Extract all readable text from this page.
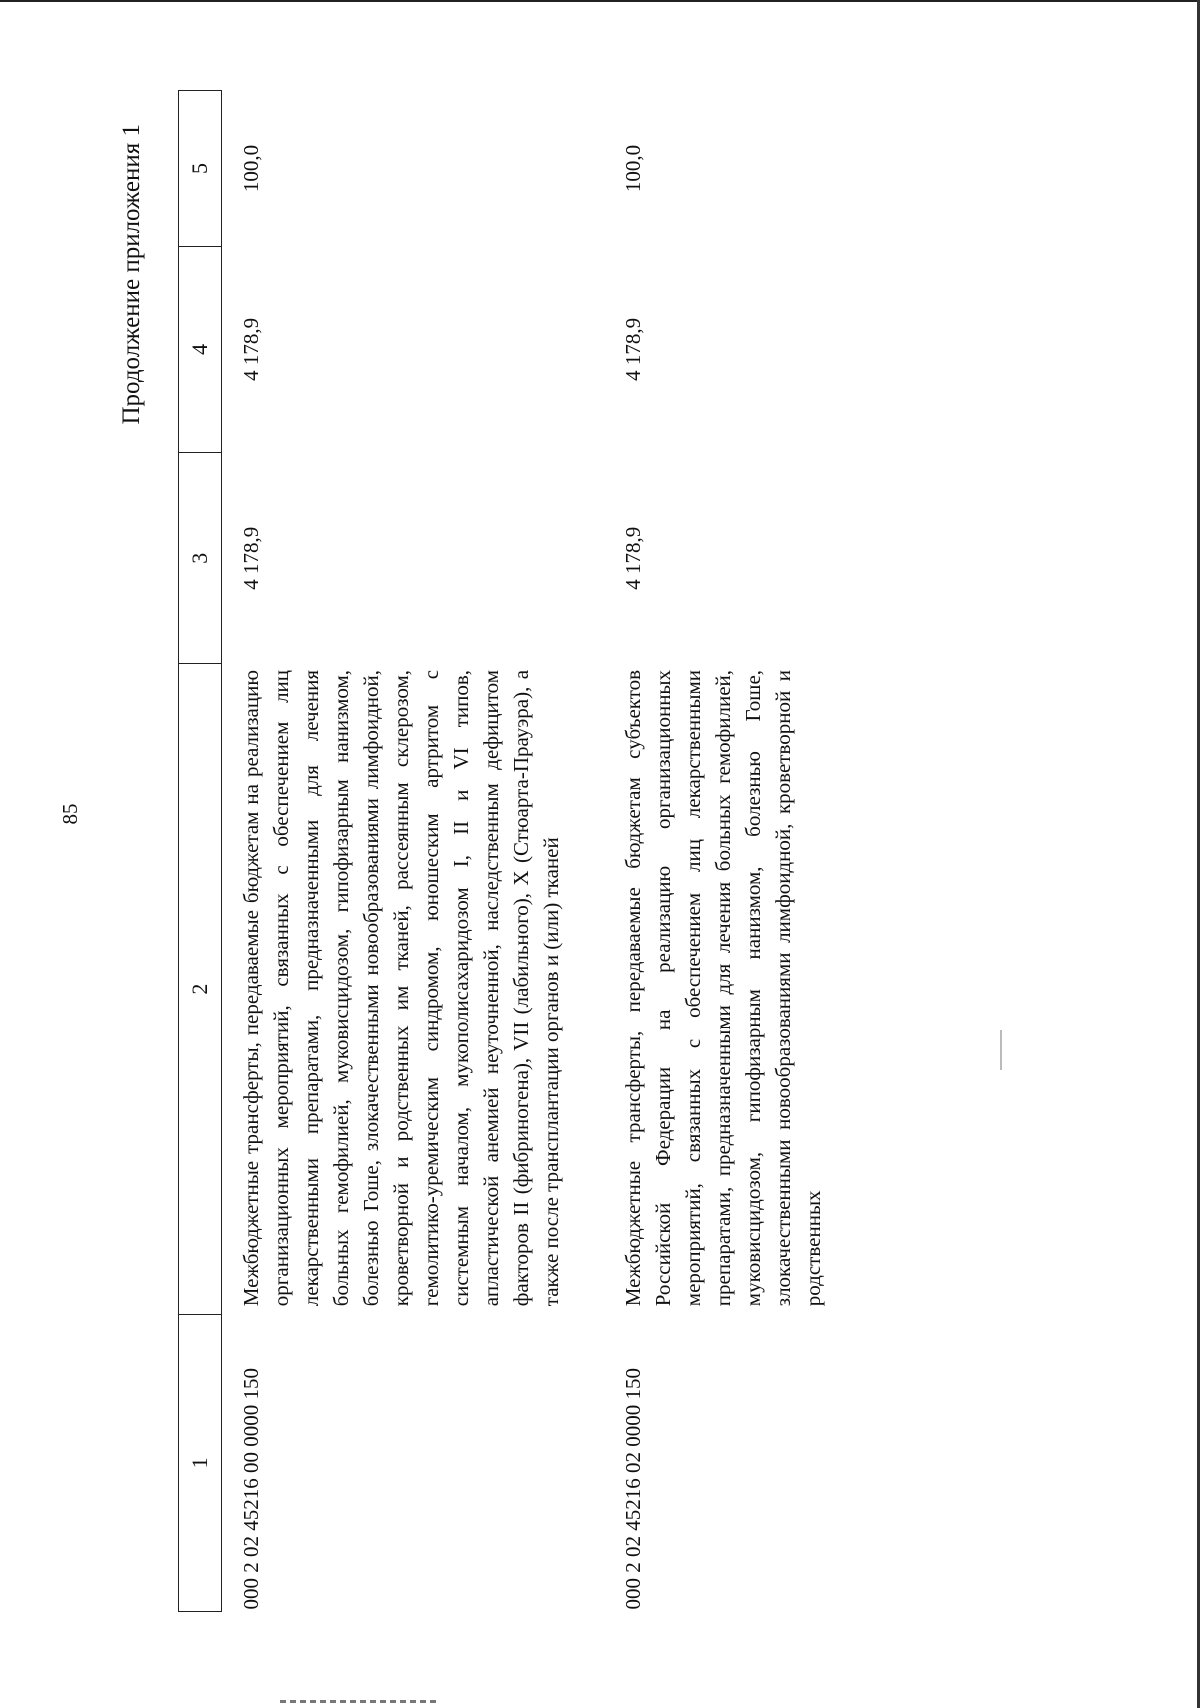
85
Продолжение приложения 1
1	2	3	4	5
000 2 02 45216 00 0000 150	Межбюджетные трансферты, передаваемые бюджетам на реализацию организационных мероприятий, связанных с обеспечением лиц лекарственными препаратами, предназначенными для лечения больных гемофилией, муковисцидозом, гипофизарным нанизмом, болезнью Гоше, злокачественными новообразованиями лимфоидной, кроветворной и родственных им тканей, рассеянным склерозом, гемолитико-уремическим синдромом, юношеским артритом с системным началом, мукополисахаридозом I, II и VI типов, апластической анемией неуточненной, наследственным дефицитом факторов II (фибриногена), VII (лабильного), X (Стюарта-Прауэра), а также после трансплантации органов и (или) тканей	4 178,9	4 178,9	100,0
000 2 02 45216 02 0000 150	Межбюджетные трансферты, передаваемые бюджетам субъектов Российской Федерации на реализацию организационных мероприятий, связанных с обеспечением лиц лекарственными препаратами, предназначенными для лечения больных гемофилией, муковисцидозом, гипофизарным нанизмом, болезнью Гоше, злокачественными новообразованиями лимфоидной, кроветворной и родственных	4 178,9	4 178,9	100,0
